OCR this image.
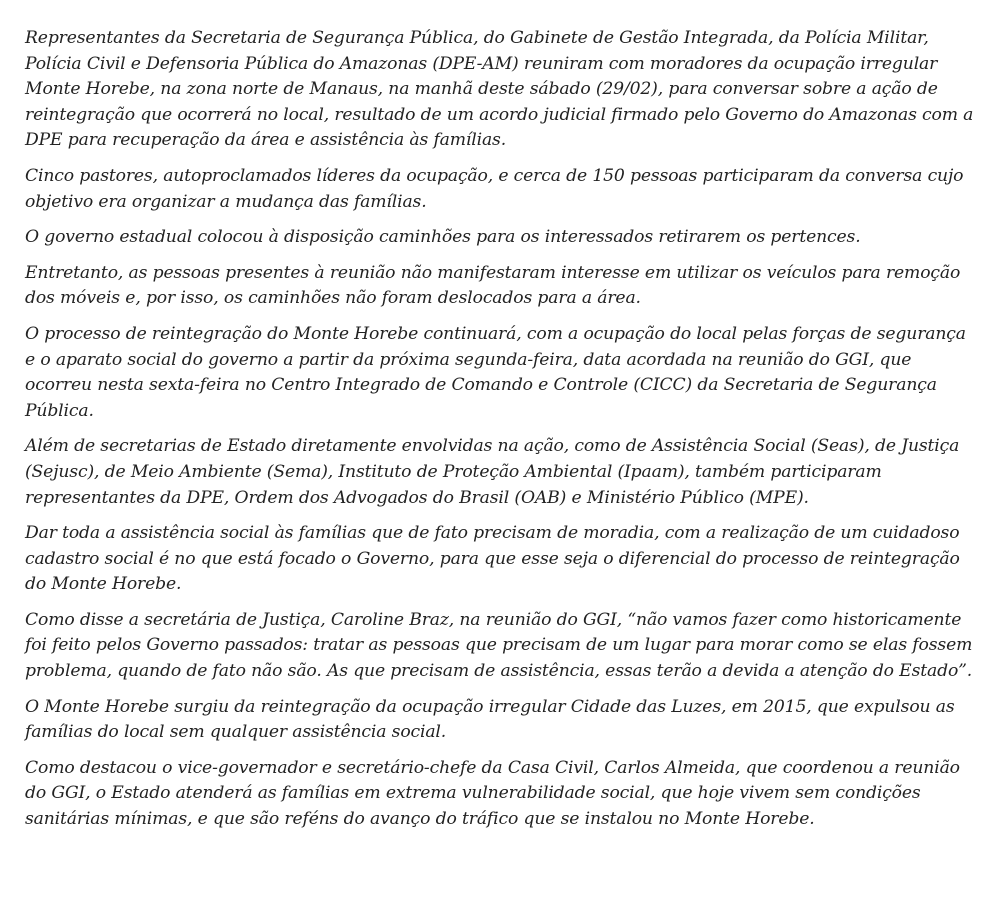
Representantes da Secretaria de Segurança Pública, do Gabinete de Gestão Integrada, da Polícia Militar, Polícia Civil e Defensoria Pública do Amazonas (DPE-AM) reuniram com moradores da ocupação irregular Monte Horebe, na zona norte de Manaus, na manhã deste sábado (29/02), para conversar sobre a ação de reintegração que ocorrerá no local, resultado de um acordo judicial firmado pelo Governo do Amazonas com a DPE para recuperação da área e assistência às famílias.

Cinco pastores, autoproclamados líderes da ocupação, e cerca de 150 pessoas participaram da conversa cujo objetivo era organizar a mudança das famílias.

O governo estadual colocou à disposição caminhões para os interessados retirarem os pertences.

Entretanto, as pessoas presentes à reunião não manifestaram interesse em utilizar os veículos para remoção dos móveis e, por isso, os caminhões não foram deslocados para a área.

O processo de reintegração do Monte Horebe continuará, com a ocupação do local pelas forças de segurança e o aparato social do governo a partir da próxima segunda-feira, data acordada na reunião do GGI, que ocorreu nesta sexta-feira no Centro Integrado de Comando e Controle (CICC) da Secretaria de Segurança Pública.

Além de secretarias de Estado diretamente envolvidas na ação, como de Assistência Social (Seas), de Justiça (Sejusc), de Meio Ambiente (Sema), Instituto de Proteção Ambiental (Ipaam), também participaram representantes da DPE, Ordem dos Advogados do Brasil (OAB) e Ministério Público (MPE).

Dar toda a assistência social às famílias que de fato precisam de moradia, com a realização de um cuidadoso cadastro social é no que está focado o Governo, para que esse seja o diferencial do processo de reintegração do Monte Horebe.

Como disse a secretária de Justiça, Caroline Braz, na reunião do GGI, “não vamos fazer como historicamente foi feito pelos Governo passados: tratar as pessoas que precisam de um lugar para morar como se elas fossem problema, quando de fato não são. As que precisam de assistência, essas terão a devida a atenção do Estado”.

O Monte Horebe surgiu da reintegração da ocupação irregular Cidade das Luzes, em 2015, que expulsou as famílias do local sem qualquer assistência social.

Como destacou o vice-governador e secretário-chefe da Casa Civil, Carlos Almeida, que coordenou a reunião do GGI, o Estado atenderá as famílias em extrema vulnerabilidade social, que hoje vivem sem condições sanitárias mínimas, e que são reféns do avanço do tráfico que se instalou no Monte Horebe.
